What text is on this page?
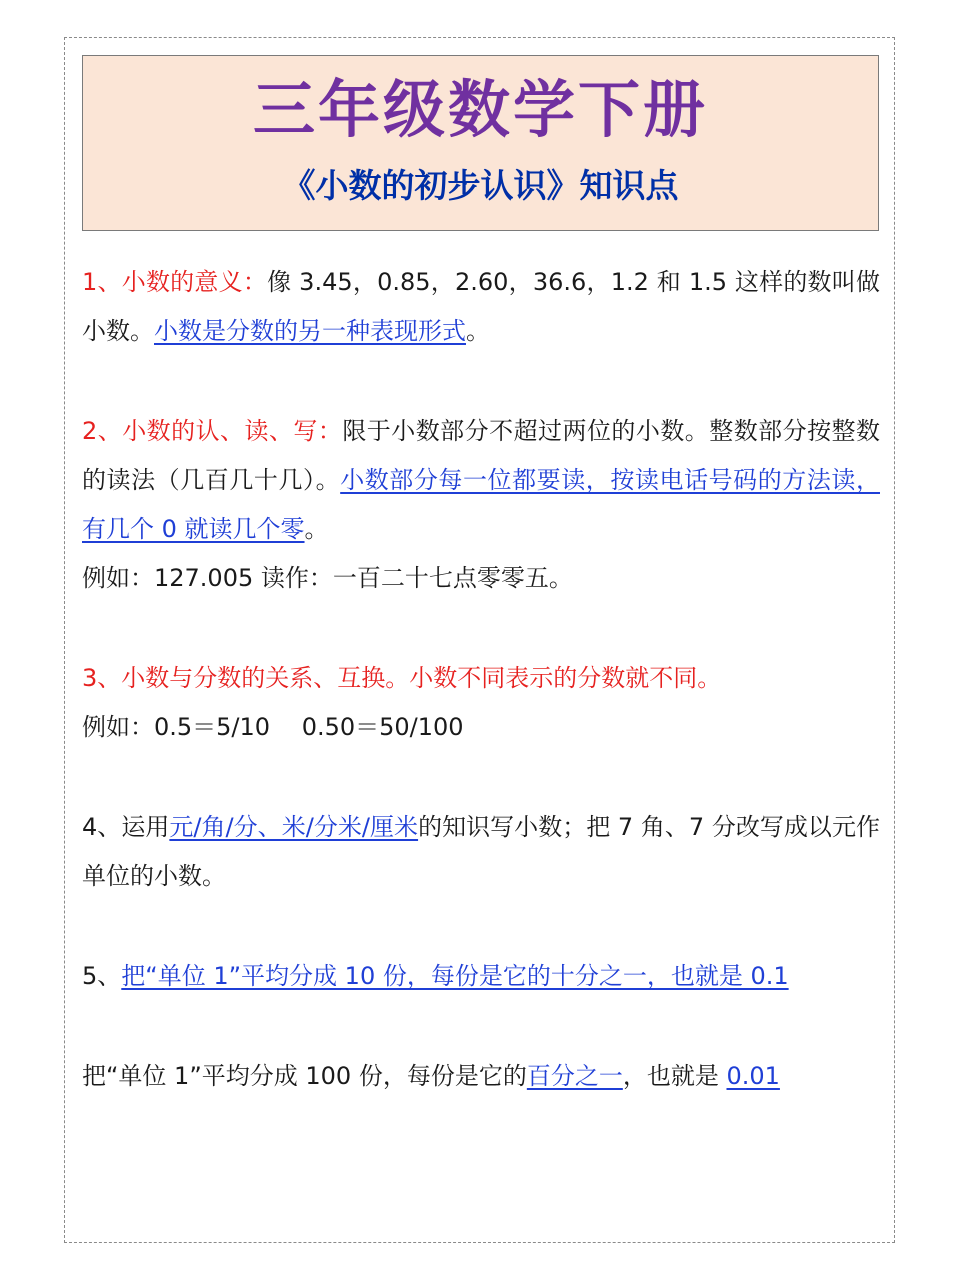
三年级数学下册
《小数的初步认识》知识点

1、小数的意义：像 3.45，0.85，2.60，36.6，1.2 和 1.5 这样的数叫做小数。小数是分数的另一种表现形式。

2、小数的认、读、写：限于小数部分不超过两位的小数。整数部分按整数的读法（几百几十几）。小数部分每一位都要读，按读电话号码的方法读，有几个 0 就读几个零。

例如：127.005 读作：一百二十七点零零五。

3、小数与分数的关系、互换。小数不同表示的分数就不同。

例如：0.5＝5/10　 0.50＝50/100

4、运用元/角/分、米/分米/厘米的知识写小数；把 7 角、7 分改写成以元作单位的小数。

5、把“单位 1”平均分成 10 份，每份是它的十分之一，也就是 0.1

把“单位 1”平均分成 100 份，每份是它的百分之一，也就是 0.01
